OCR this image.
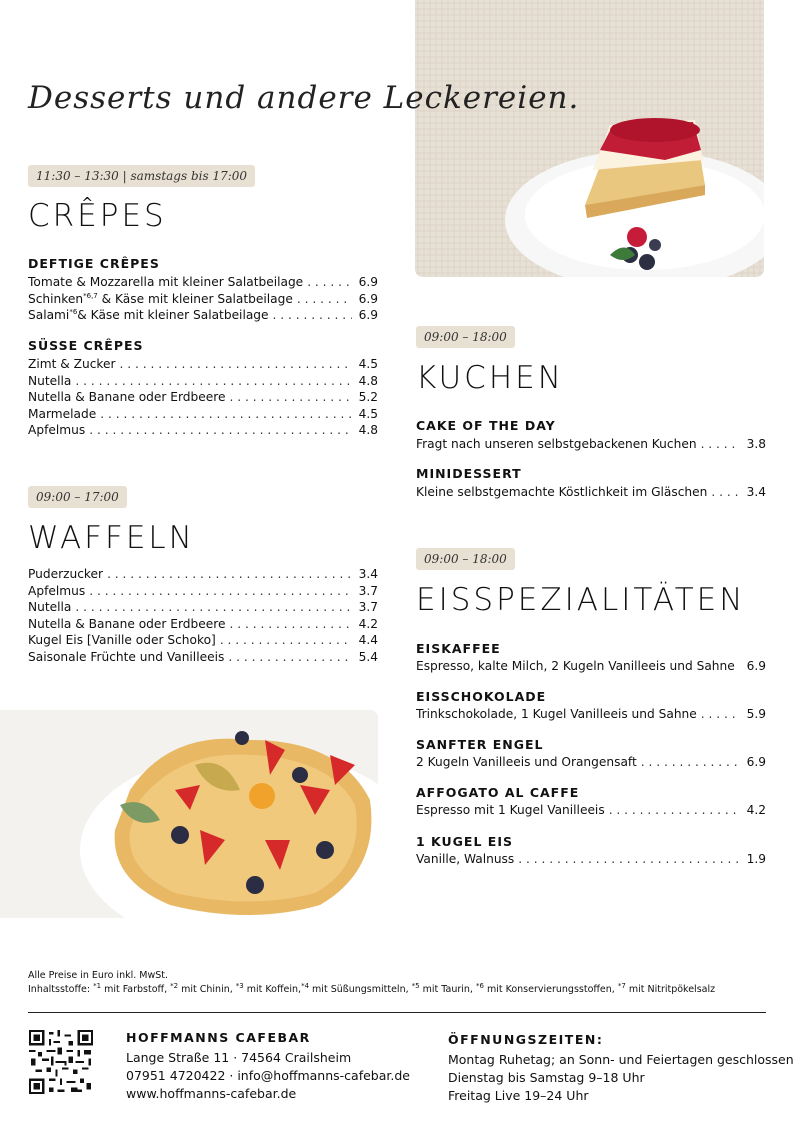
Desserts und andere Leckereien.
11:30 – 13:30 | samstags bis 17:00
CRÊPES
DEFTIGE CRÊPES
Tomate & Mozzarella mit kleiner Salatbeilage . . .	6.9
Schinken$^{*6,7}$ & Käse mit kleiner Salatbeilage . . .	6.9
Salami$^{*6}$& Käse mit kleiner Salatbeilage . . .	6.9
SÜSSE CRÊPES
Zimt & Zucker . . .	4.5
Nutella . . .	4.8
Nutella & Banane oder Erdbeere . . .	5.2
Marmelade . . .	4.5
Apfelmus . . .	4.8
09:00 – 17:00
WAFFELN
Puderzucker . . .	3.4
Apfelmus . . .	3.7
Nutella . . .	3.7
Nutella & Banane oder Erdbeere . . .	4.2
Kugel Eis [Vanille oder Schoko] . . .	4.4
Saisonale Früchte und Vanilleeis . . .	5.4
09:00 – 18:00
KUCHEN
CAKE OF THE DAY
Fragt nach unseren selbstgebackenen Kuchen . . .	3.8
MINIDESSERT
Kleine selbstgemachte Köstlichkeit im Gläschen . . .	3.4
09:00 – 18:00
EISSPEZIALITÄTEN
EISKAFFEE
Espresso, kalte Milch, 2 Kugeln Vanilleeis und Sahne . . . 6.9
EISSCHOKOLADE
Trinkschokolade, 1 Kugel Vanilleeis und Sahne . . .	5.9
SANFTER ENGEL
2 Kugeln Vanilleeis und Orangensaft . . .	6.9
AFFOGATO AL CAFFE
Espresso mit 1 Kugel Vanilleeis . . .	4.2
1 KUGEL EIS
Vanille, Walnuss . . .	1.9
Alle Preise in Euro inkl. MwSt.
Inhaltsstoffe: $^{*1}$ mit Farbstoff, $^{*2}$ mit Chinin, $^{*3}$ mit Koffein,$^{*4}$ mit Süßungsmitteln, $^{*5}$ mit Taurin, $^{*6}$ mit Konservierungsstoffen, $^{*7}$ mit Nitritpökelsalz
HOFFMANNS CAFEBAR
Lange Straße 11 · 74564 Crailsheim
07951 4720422 · info@hoffmanns-cafebar.de
www.hoffmanns-cafebar.de
ÖFFNUNGSZEITEN:
Montag Ruhetag; an Sonn- und Feiertagen geschlossen
Dienstag bis Samstag 9–18 Uhr
Freitag Live 19–24 Uhr
